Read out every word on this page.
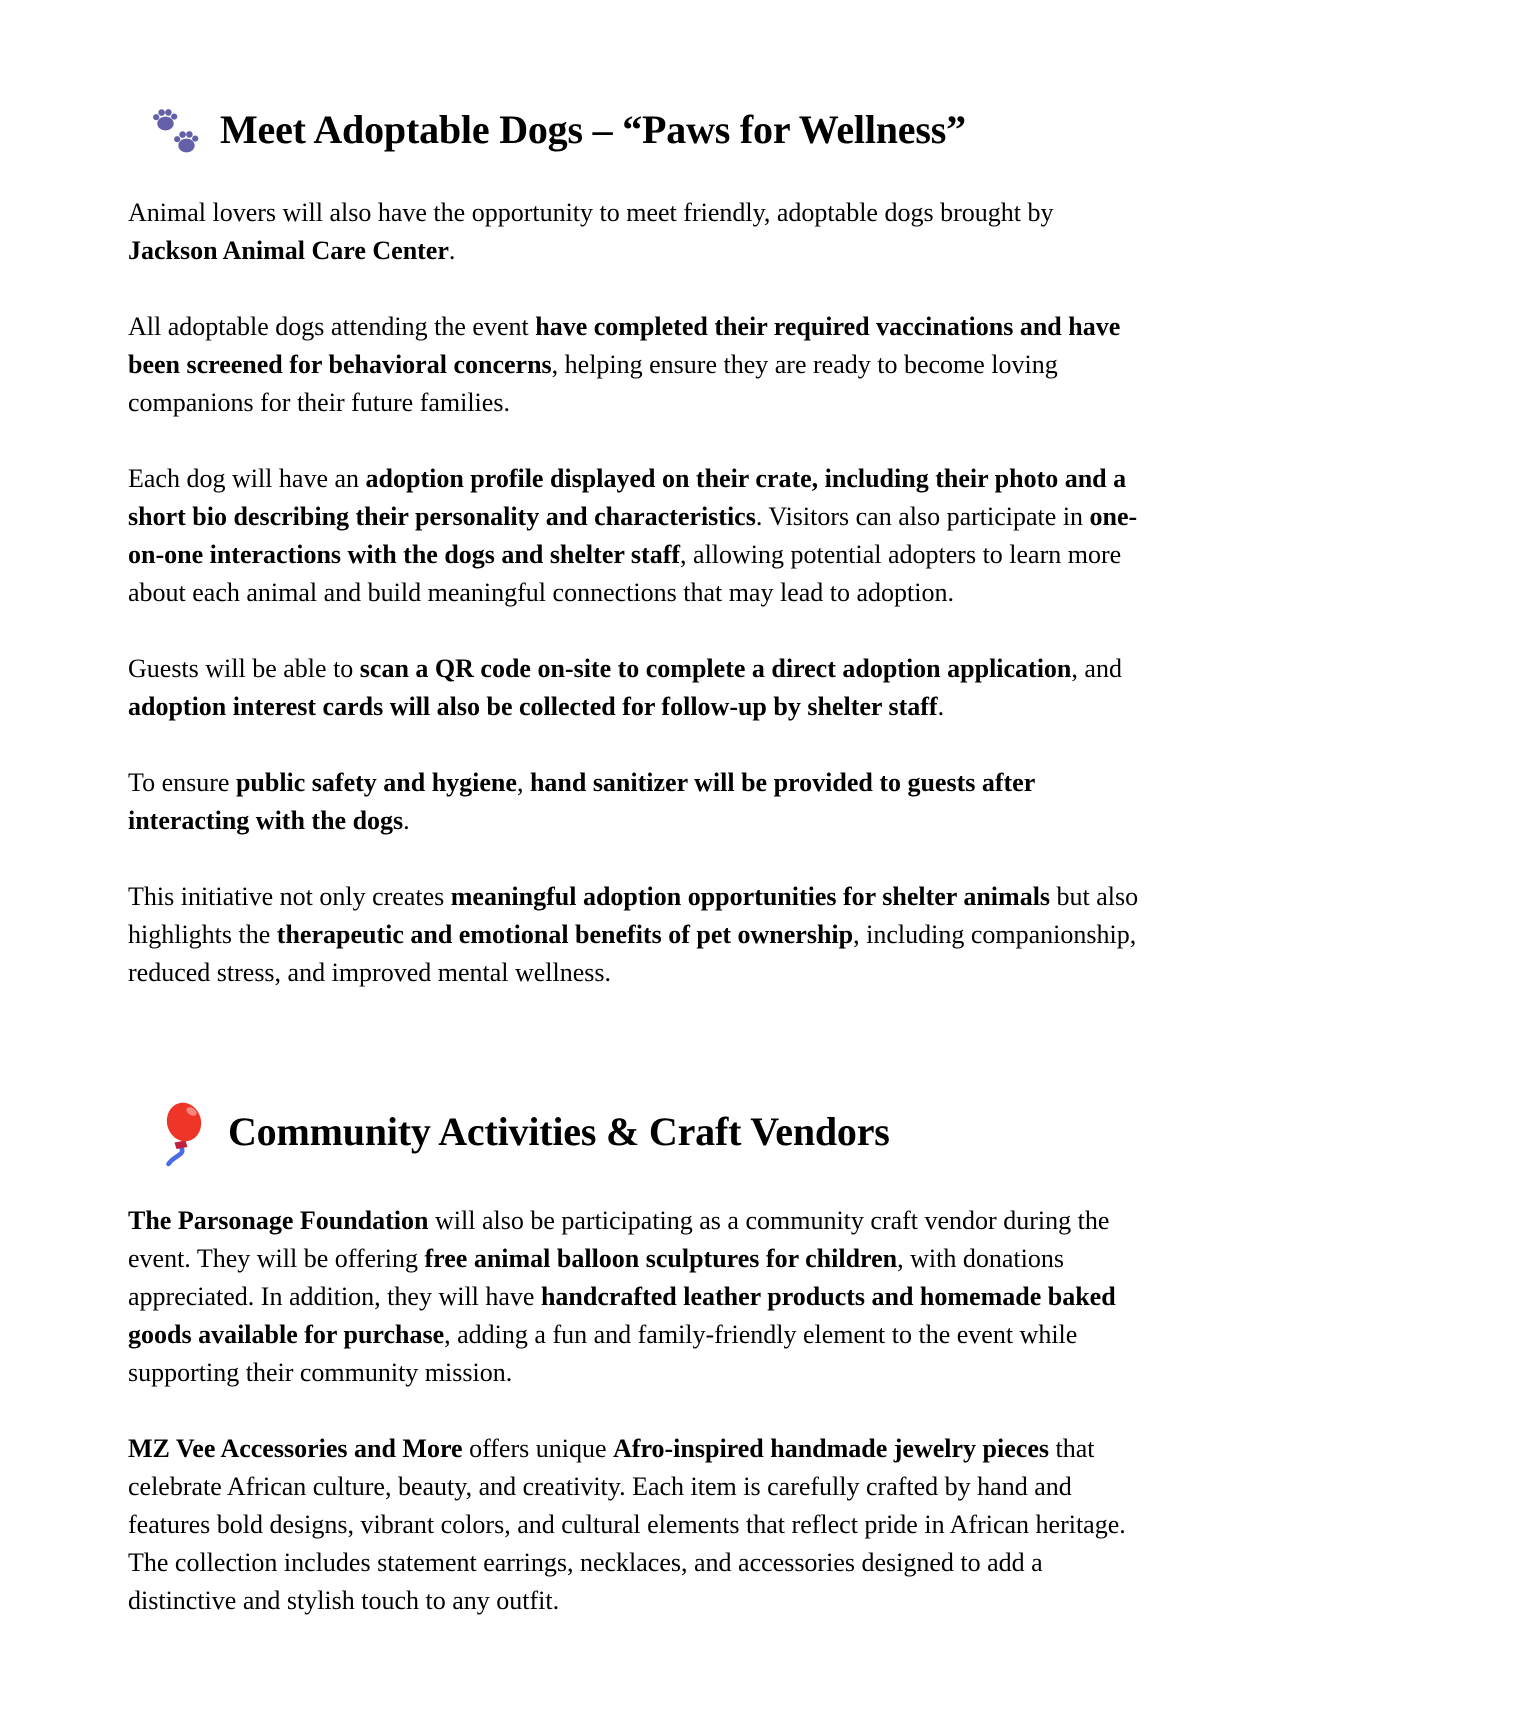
Meet Adoptable Dogs – “Paws for Wellness”

Animal lovers will also have the opportunity to meet friendly, adoptable dogs brought by
Jackson Animal Care Center.

All adoptable dogs attending the event have completed their required vaccinations and have
been screened for behavioral concerns, helping ensure they are ready to become loving
companions for their future families.

Each dog will have an adoption profile displayed on their crate, including their photo and a
short bio describing their personality and characteristics. Visitors can also participate in one-
on-one interactions with the dogs and shelter staff, allowing potential adopters to learn more
about each animal and build meaningful connections that may lead to adoption.

Guests will be able to scan a QR code on-site to complete a direct adoption application, and
adoption interest cards will also be collected for follow-up by shelter staff.

To ensure public safety and hygiene, hand sanitizer will be provided to guests after
interacting with the dogs.

This initiative not only creates meaningful adoption opportunities for shelter animals but also
highlights the therapeutic and emotional benefits of pet ownership, including companionship,
reduced stress, and improved mental wellness.

Community Activities & Craft Vendors

The Parsonage Foundation will also be participating as a community craft vendor during the
event. They will be offering free animal balloon sculptures for children, with donations
appreciated. In addition, they will have handcrafted leather products and homemade baked
goods available for purchase, adding a fun and family-friendly element to the event while
supporting their community mission.

MZ Vee Accessories and More offers unique Afro-inspired handmade jewelry pieces that
celebrate African culture, beauty, and creativity. Each item is carefully crafted by hand and
features bold designs, vibrant colors, and cultural elements that reflect pride in African heritage.
The collection includes statement earrings, necklaces, and accessories designed to add a
distinctive and stylish touch to any outfit.
